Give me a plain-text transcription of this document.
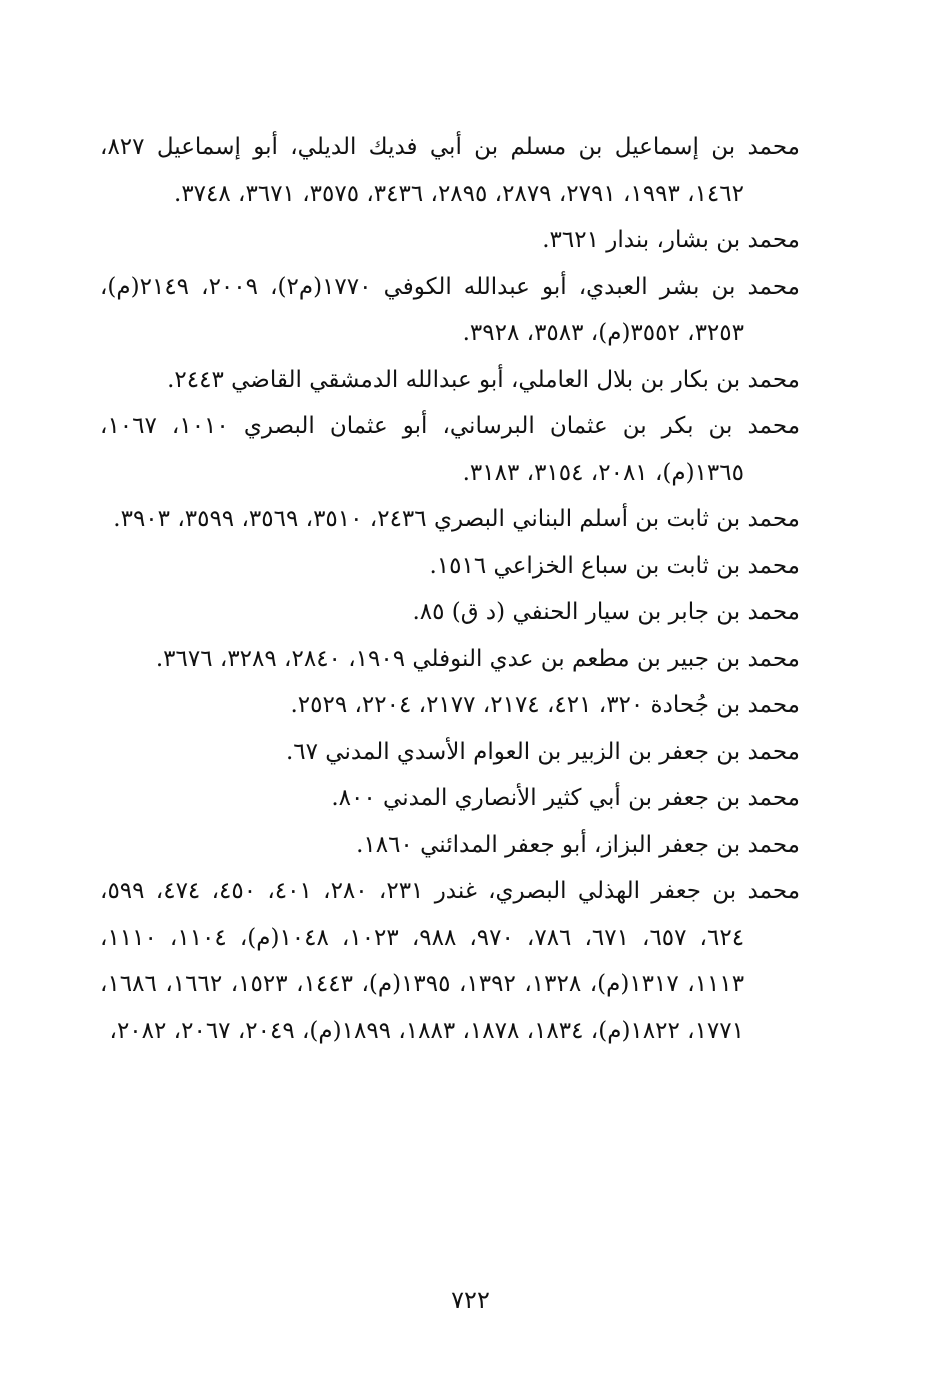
محمد بن إسماعيل بن مسلم بن أبي فديك الديلي، أبو إسماعيل ٨٢٧، ١٤٦٢، ١٩٩٣، ٢٧٩١، ٢٨٧٩، ٢٨٩٥، ٣٤٣٦، ٣٥٧٥، ٣٦٧١، ٣٧٤٨.

محمد بن بشار، بندار ٣٦٢١.

محمد بن بشر العبدي، أبو عبدالله الكوفي ١٧٧٠(م٢)، ٢٠٠٩، ٢١٤٩(م)، ٣٢٥٣، ٣٥٥٢(م)، ٣٥٨٣، ٣٩٢٨.

محمد بن بكار بن بلال العاملي، أبو عبدالله الدمشقي القاضي ٢٤٤٣.

محمد بن بكر بن عثمان البرساني، أبو عثمان البصري ١٠١٠، ١٠٦٧، ١٣٦٥(م)، ٢٠٨١، ٣١٥٤، ٣١٨٣.

محمد بن ثابت بن أسلم البناني البصري ٢٤٣٦، ٣٥١٠، ٣٥٦٩، ٣٥٩٩، ٣٩٠٣.

محمد بن ثابت بن سباع الخزاعي ١٥١٦.

محمد بن جابر بن سيار الحنفي (د ق) ٨٥.

محمد بن جبير بن مطعم بن عدي النوفلي ١٩٠٩، ٢٨٤٠، ٣٢٨٩، ٣٦٧٦.

محمد بن جُحادة ٣٢٠، ٤٢١، ٢١٧٤، ٢١٧٧، ٢٢٠٤، ٢٥٢٩.

محمد بن جعفر بن الزبير بن العوام الأسدي المدني ٦٧.

محمد بن جعفر بن أبي كثير الأنصاري المدني ٨٠٠.

محمد بن جعفر البزاز، أبو جعفر المدائني ١٨٦٠.

محمد بن جعفر الهذلي البصري، غندر ٢٣١، ٢٨٠، ٤٠١، ٤٥٠، ٤٧٤، ٥٩٩، ٦٢٤، ٦٥٧، ٦٧١، ٧٨٦، ٩٧٠، ٩٨٨، ١٠٢٣، ١٠٤٨(م)، ١١٠٤، ١١١٠، ١١١٣، ١٣١٧(م)، ١٣٢٨، ١٣٩٢، ١٣٩٥(م)، ١٤٤٣، ١٥٢٣، ١٦٦٢، ١٦٨٦، ١٧٧١، ١٨٢٢(م)، ١٨٣٤، ١٨٧٨، ١٨٨٣، ١٨٩٩(م)، ٢٠٤٩، ٢٠٦٧، ٢٠٨٢،

٧٢٢
